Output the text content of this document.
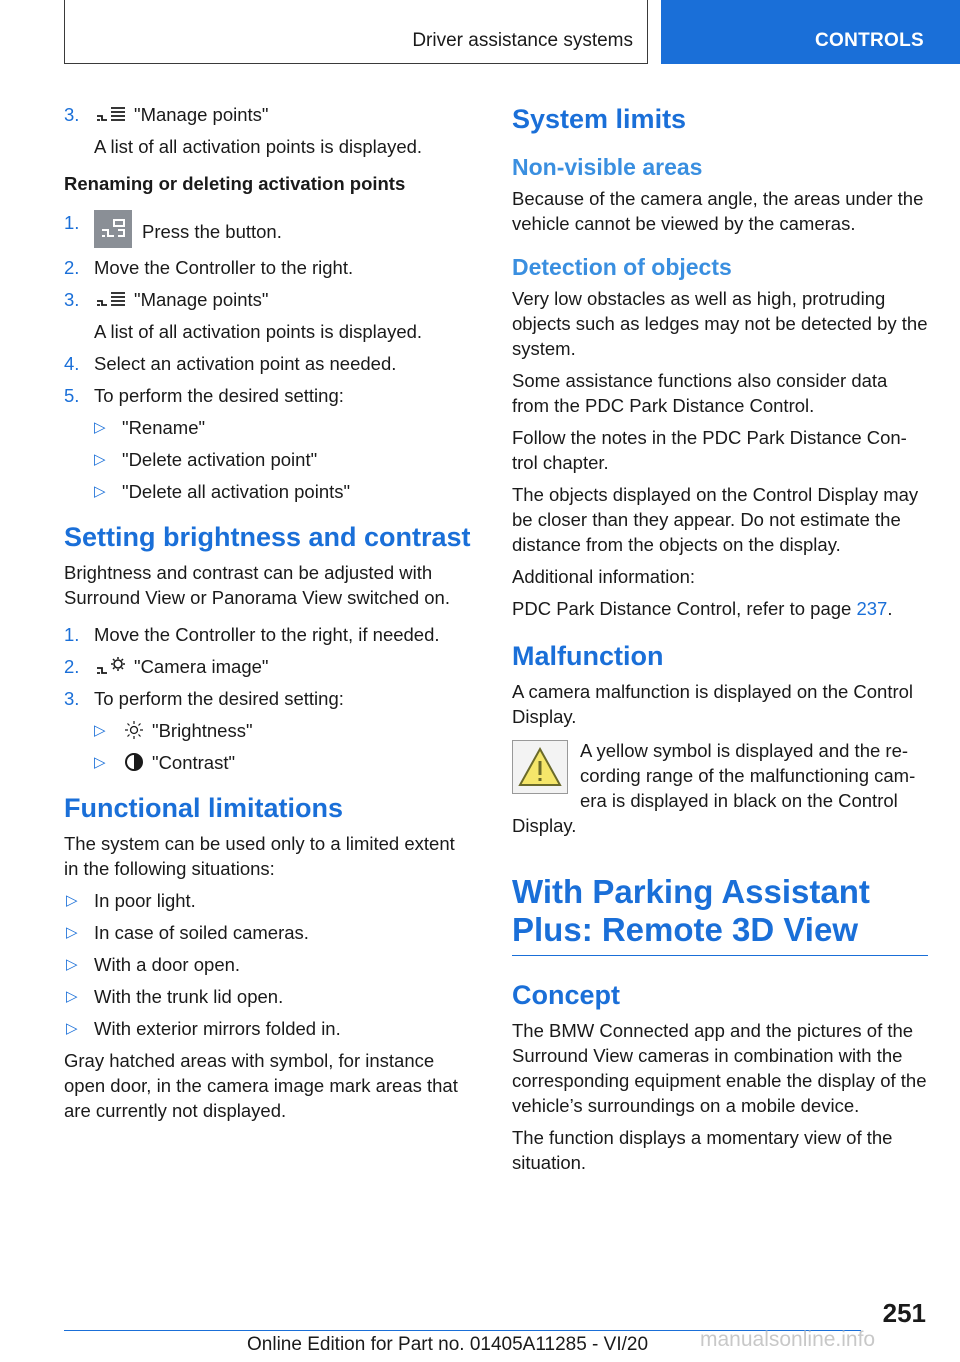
Driver assistance systems	CONTROLS
3.	"Manage points"
A list of all activation points is displayed.
Renaming or deleting activation points
1.	Press the button.
2. Move the Controller to the right.
3.	"Manage points"
A list of all activation points is displayed.
4. Select an activation point as needed.
5. To perform the desired setting:
▷ "Rename"
▷ "Delete activation point"
▷ "Delete all activation points"
Setting brightness and contrast

Brightness and contrast can be adjusted with Surround View or Panorama View switched on.

1. Move the Controller to the right, if needed.
2.	"Camera image"
3. To perform the desired setting:
▷	"Brightness"
▷	"Contrast"
Functional limitations

The system can be used only to a limited extent in the following situations:

▷ In poor light.
▷ In case of soiled cameras.
▷ With a door open.
▷ With the trunk lid open.
▷ With exterior mirrors folded in.

Gray hatched areas with symbol, for instance open door, in the camera image mark areas that are currently not displayed.

System limits
Non-visible areas

Because of the camera angle, the areas under the vehicle cannot be viewed by the cameras.

Detection of objects

Very low obstacles as well as high, protruding objects such as ledges may not be detected by the system.

Some assistance functions also consider data from the PDC Park Distance Control.

Follow the notes in the PDC Park Distance Con‐ trol chapter.

The objects displayed on the Control Display may be closer than they appear. Do not estimate the distance from the objects on the display.

Additional information:

PDC Park Distance Control, refer to page 237.

Malfunction

A camera malfunction is displayed on the Control Display.

A yellow symbol is displayed and the re‐ cording range of the malfunctioning cam‐ era is displayed in black on the Control Display.

With Parking Assistant Plus: Remote 3D View
Concept

The BMW Connected app and the pictures of the Surround View cameras in combination with the corresponding equipment enable the display of the vehicle’s surroundings on a mobile device.

The function displays a momentary view of the situation.

251
Online Edition for Part no. 01405A11285 - VI/20 manualsonline.info
